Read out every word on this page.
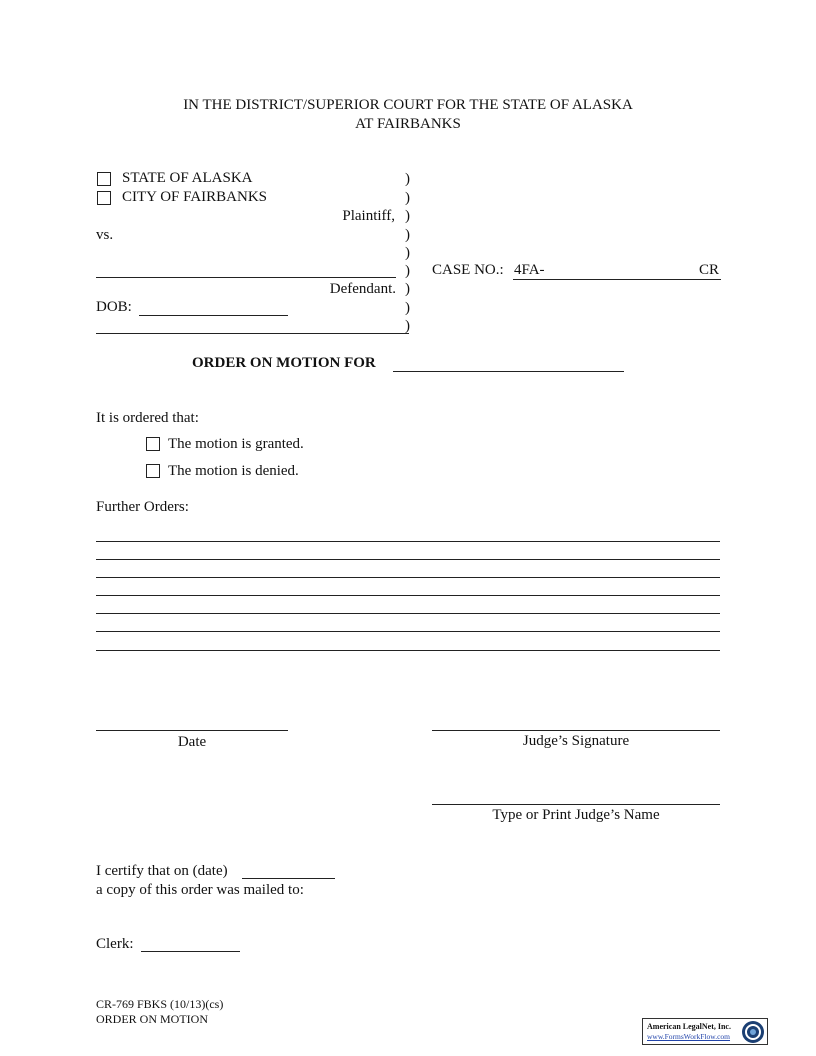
IN THE DISTRICT/SUPERIOR COURT FOR THE STATE OF ALASKA
AT FAIRBANKS
STATE OF ALASKA
CITY OF FAIRBANKS
Plaintiff,
vs.
Defendant.
DOB:
)
)
)
)
)
)
)
)
)
CASE NO.: 4FA-	CR
ORDER ON MOTION FOR
It is ordered that:
The motion is granted.
The motion is denied.
Further Orders:
Date	Judge’s Signature
Type or Print Judge’s Name
I certify that on (date)
a copy of this order was mailed to:
Clerk:
CR-769 FBKS (10/13)(cs)
ORDER ON MOTION
American LegalNet, Inc.
www.FormsWorkFlow.com
